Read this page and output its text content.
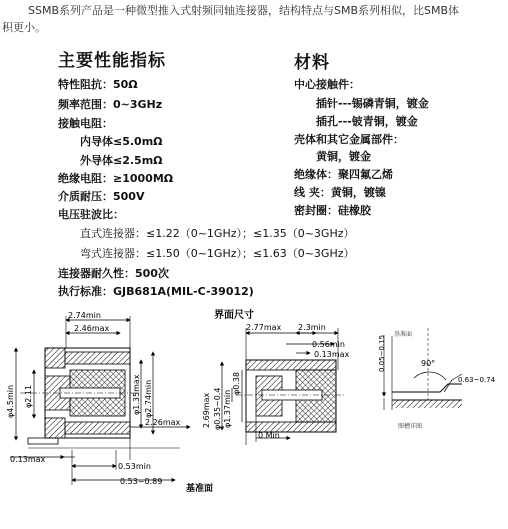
SSMB系列产品是一种微型推入式射频同轴连接器，结构特点与SMB系列相似，比SMB体
积更小。
主要性能指标
特性阻抗：50Ω
频率范围：0~3GHz
接触电阻：
内导体≤5.0mΩ
外导体≤2.5mΩ
绝缘电阻：≥1000MΩ
介质耐压：500V
电压驻波比：
直式连接器：≤1.22（0~1GHz）；≤1.35（0~3GHz）
弯式连接器：≤1.50（0~1GHz）；≤1.63（0~3GHz）
连接器耐久性：500次
执行标准：GJB681A(MIL-C-39012)
材料
中心接触件：
插针---锡磷青铜，镀金
插孔---铍青铜，镀金
壳体和其它金属部件：
黄铜，镀金
绝缘体：聚四氟乙烯
线 夹：黄铜，镀镍
密封圈：硅橡胶
2.74min
2.46max
φ4.5min φ2.11	φ1.35max φ2.74min
2.26max
0.13max
0.53min
0.53~0.89
基准面
界面尺寸
2.77max 2.3min
0.56min
0.13max
2.69max
φ0.38
φ1.37min
φ0.35~0.4
0 Min
0.05~0.15
基准面
90°
0.63~0.74
图槽详图
